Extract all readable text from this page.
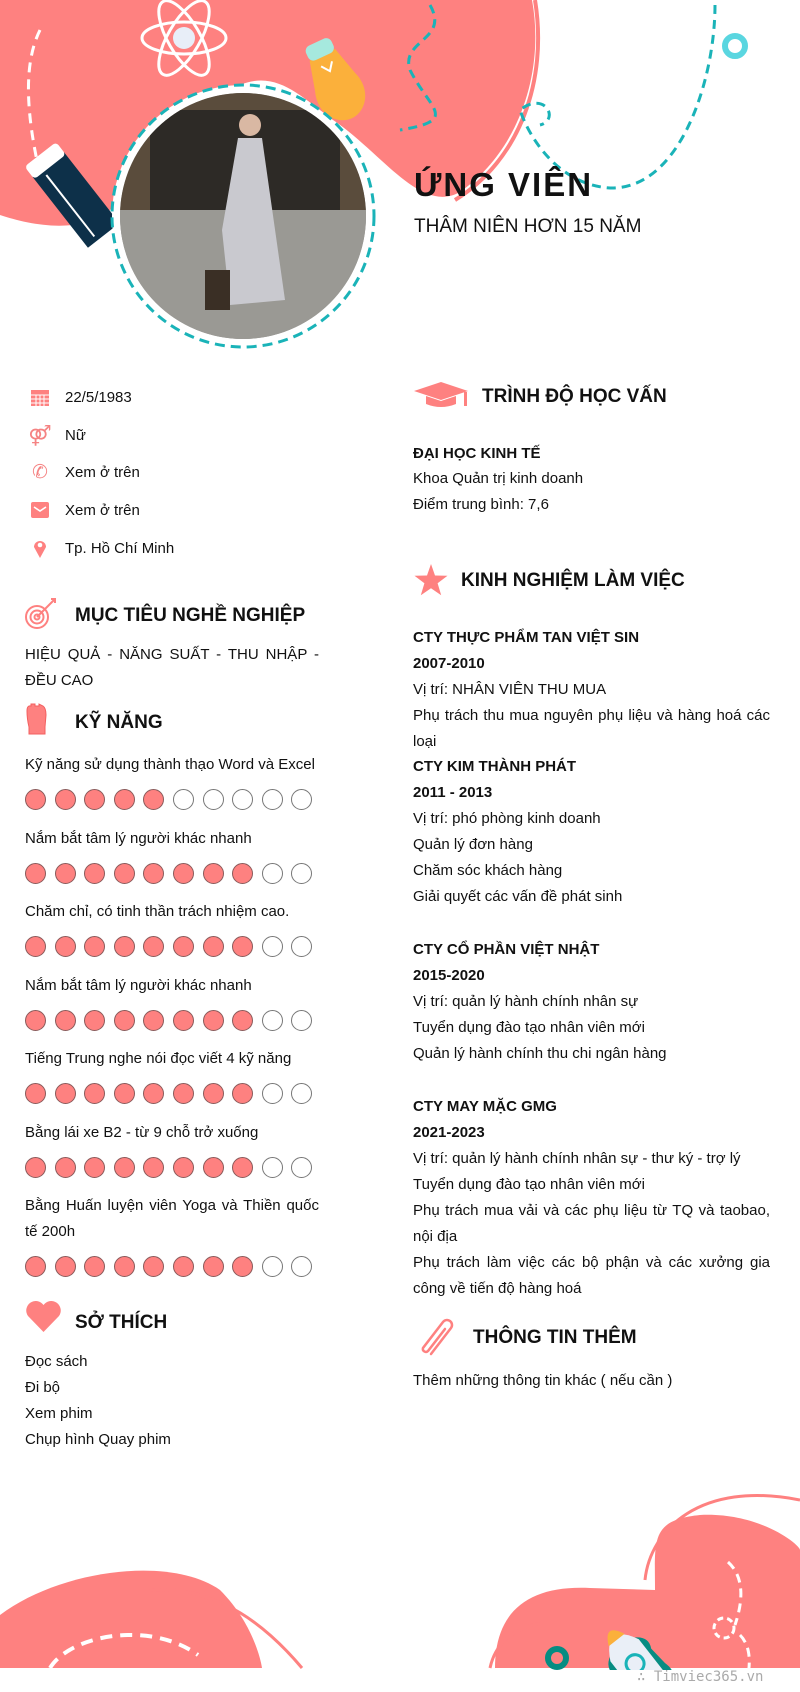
ỨNG VIÊN
THÂM NIÊN HƠN 15 NĂM
22/5/1983
⚤ Nữ
✆ Xem ở trên
Xem ở trên
Tp. Hồ Chí Minh
MỤC TIÊU NGHỀ NGHIỆP
HIỆU QUẢ - NĂNG SUẤT - THU NHẬP - ĐỀU CAO
KỸ NĂNG
Kỹ năng sử dụng thành thạo Word và Excel
Nắm bắt tâm lý người khác nhanh
Chăm chỉ, có tinh thần trách nhiệm cao.
Nắm bắt tâm lý người khác nhanh
Tiếng Trung nghe nói đọc viết 4 kỹ năng
Bằng lái xe B2 - từ 9 chỗ trở xuống
Bằng Huấn luyện viên Yoga và Thiền quốc tế 200h
SỞ THÍCH
Đọc sách
Đi bộ
Xem phim
Chụp hình Quay phim
TRÌNH ĐỘ HỌC VẤN
ĐẠI HỌC KINH TẾ
Khoa Quản trị kinh doanh
Điểm trung bình: 7,6
KINH NGHIỆM LÀM VIỆC
CTY THỰC PHẨM TAN VIỆT SIN
2007-2010
Vị trí: NHÂN VIÊN THU MUA
Phụ trách thu mua nguyên phụ liệu và hàng hoá các loại
CTY KIM THÀNH PHÁT
2011 - 2013
Vị trí: phó phòng kinh doanh
Quản lý đơn hàng
Chăm sóc khách hàng
Giải quyết các vấn đề phát sinh
CTY CỔ PHẦN VIỆT NHẬT
2015-2020
Vị trí: quản lý hành chính nhân sự
Tuyển dụng đào tạo nhân viên mới
Quản lý hành chính thu chi ngân hàng
CTY MAY MẶC GMG
2021-2023
Vị trí: quản lý hành chính nhân sự - thư ký - trợ lý
Tuyển dụng đào tạo nhân viên mới
Phụ trách mua vải và các phụ liệu từ TQ và taobao, nội địa
Phụ trách làm việc các bộ phận và các xưởng gia công về tiến độ hàng hoá
THÔNG TIN THÊM
Thêm những thông tin khác ( nếu cần )
∴ Timviec365.vn
